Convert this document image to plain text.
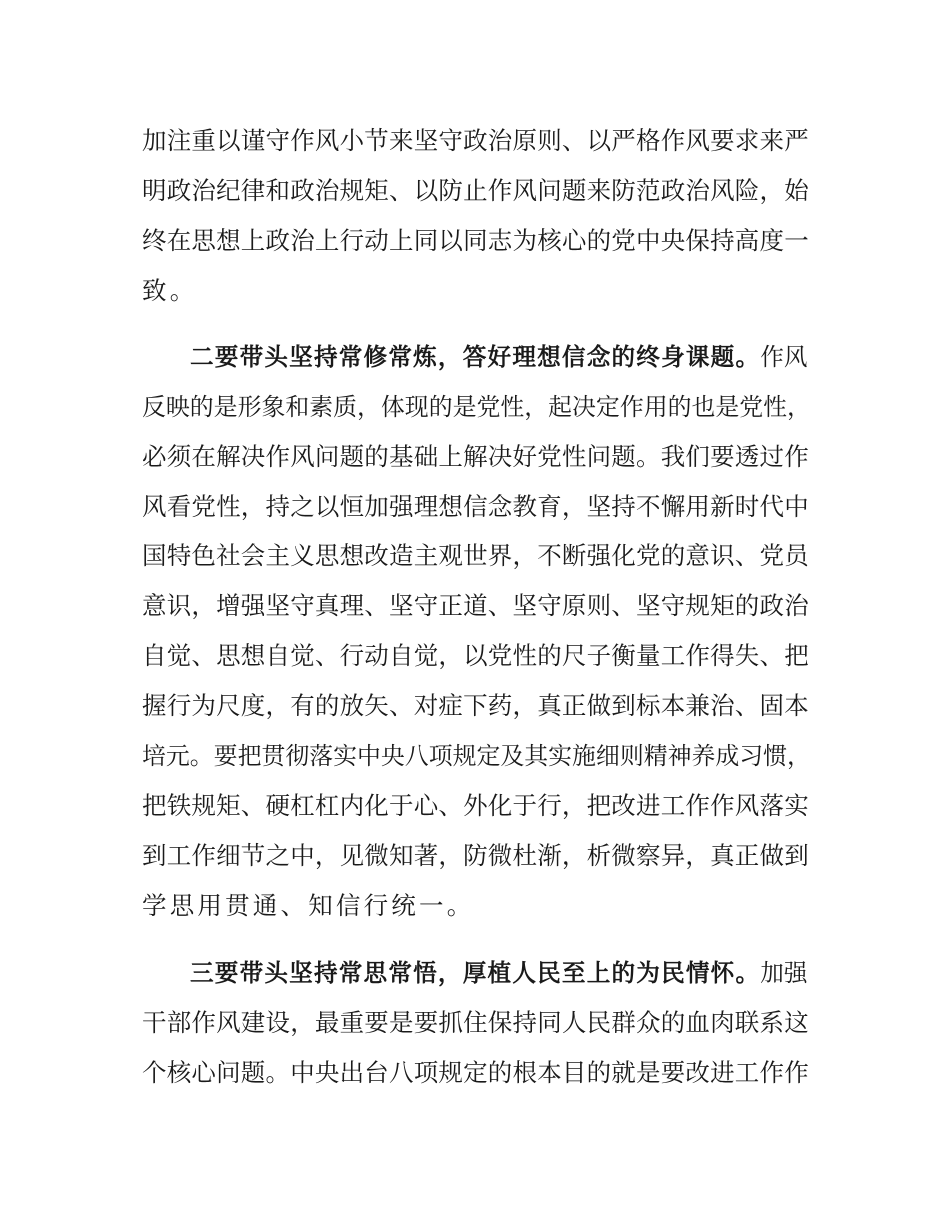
加注重以谨守作风小节来坚守政治原则、以严格作风要求来严
明政治纪律和政治规矩、以防止作风问题来防范政治风险，始
终在思想上政治上行动上同以同志为核心的党中央保持高度一
致。
二要带头坚持常修常炼，答好理想信念的终身课题。作风
反映的是形象和素质，体现的是党性，起决定作用的也是党性，
必须在解决作风问题的基础上解决好党性问题。我们要透过作
风看党性，持之以恒加强理想信念教育，坚持不懈用新时代中
国特色社会主义思想改造主观世界，不断强化党的意识、党员
意识，增强坚守真理、坚守正道、坚守原则、坚守规矩的政治
自觉、思想自觉、行动自觉，以党性的尺子衡量工作得失、把
握行为尺度，有的放矢、对症下药，真正做到标本兼治、固本
培元。要把贯彻落实中央八项规定及其实施细则精神养成习惯，
把铁规矩、硬杠杠内化于心、外化于行，把改进工作作风落实
到工作细节之中，见微知著，防微杜渐，析微察异，真正做到
学思用贯通、知信行统一。
三要带头坚持常思常悟，厚植人民至上的为民情怀。加强
干部作风建设，最重要是要抓住保持同人民群众的血肉联系这
个核心问题。中央出台八项规定的根本目的就是要改进工作作
